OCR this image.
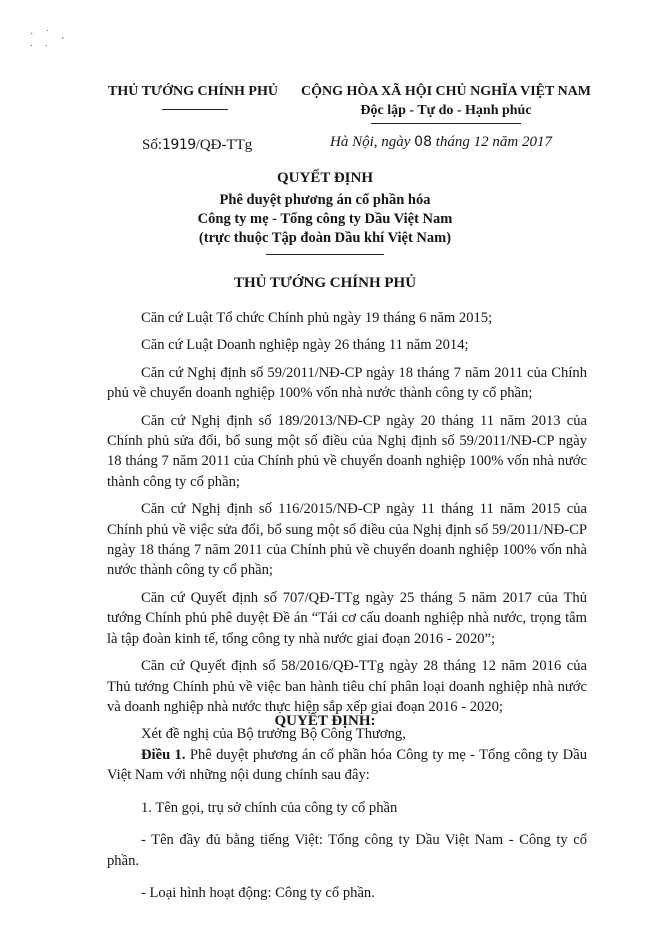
· ˙ ˛
. .
THỦ TƯỚNG CHÍNH PHỦ	CỘNG HÒA XÃ HỘI CHỦ NGHĨA VIỆT NAM
Độc lập - Tự do - Hạnh phúc
Số:1919/QĐ-TTg	Hà Nội, ngày 08 tháng 12 năm 2017
QUYẾT ĐỊNH
Phê duyệt phương án cổ phần hóa
Công ty mẹ - Tổng công ty Dầu Việt Nam
(trực thuộc Tập đoàn Dầu khí Việt Nam)
THỦ TƯỚNG CHÍNH PHỦ

Căn cứ Luật Tổ chức Chính phủ ngày 19 tháng 6 năm 2015;

Căn cứ Luật Doanh nghiệp ngày 26 tháng 11 năm 2014;

Căn cứ Nghị định số 59/2011/NĐ-CP ngày 18 tháng 7 năm 2011 của Chính phủ về chuyển doanh nghiệp 100% vốn nhà nước thành công ty cổ phần;

Căn cứ Nghị định số 189/2013/NĐ-CP ngày 20 tháng 11 năm 2013 của Chính phủ sửa đổi, bổ sung một số điều của Nghị định số 59/2011/NĐ-CP ngày 18 tháng 7 năm 2011 của Chính phủ về chuyển doanh nghiệp 100% vốn nhà nước thành công ty cổ phần;

Căn cứ Nghị định số 116/2015/NĐ-CP ngày 11 tháng 11 năm 2015 của Chính phủ về việc sửa đổi, bổ sung một số điều của Nghị định số 59/2011/NĐ-CP ngày 18 tháng 7 năm 2011 của Chính phủ về chuyển doanh nghiệp 100% vốn nhà nước thành công ty cổ phần;

Căn cứ Quyết định số 707/QĐ-TTg ngày 25 tháng 5 năm 2017 của Thủ tướng Chính phủ phê duyệt Đề án “Tái cơ cấu doanh nghiệp nhà nước, trọng tâm là tập đoàn kinh tế, tổng công ty nhà nước giai đoạn 2016 - 2020”;

Căn cứ Quyết định số 58/2016/QĐ-TTg ngày 28 tháng 12 năm 2016 của Thủ tướng Chính phủ về việc ban hành tiêu chí phân loại doanh nghiệp nhà nước và doanh nghiệp nhà nước thực hiện sắp xếp giai đoạn 2016 - 2020;

Xét đề nghị của Bộ trưởng Bộ Công Thương,

QUYẾT ĐỊNH:

Điều 1. Phê duyệt phương án cổ phần hóa Công ty mẹ - Tổng công ty Dầu Việt Nam với những nội dung chính sau đây:

1. Tên gọi, trụ sở chính của công ty cổ phần

- Tên đầy đủ bằng tiếng Việt: Tổng công ty Dầu Việt Nam - Công ty cổ phần.

- Loại hình hoạt động: Công ty cổ phần.
